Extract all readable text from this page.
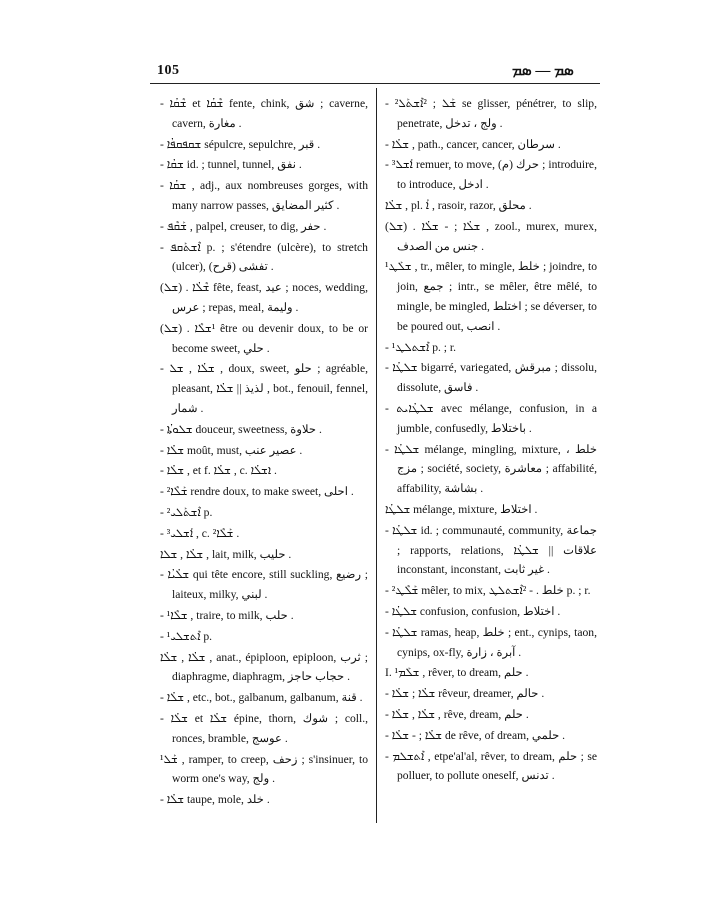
105	ܣܡ — ܣܡ

- ܫܶܩܳܐ et ܫܶܩܳܐ fente, chink, شق ; caverne, cavern, مغارة .

- ܫܩܦܩܦܳܐ sépulcre, sepulchre, قبر .

- ܫܩܳܐ id. ; tunnel, tunnel, نفق .

- ܫܩܳܐ , adj., aux nombreuses gorges, with many narrow passes, كثير المضايق .

- ܫܰܩܶܦ , palpel, creuser, to dig, حفر .

- ܐܶܫܬܰܩܦ p. ; s'étendre (ulcère), to stretch (ulcer), تفشى (قرح) .

(ܫܠ) . ܫܶܠܳܐ fête, feast, عيد ; noces, wedding, عرس ; repas, meal, وليمة .

(ܫܠ) . ¹ܫܠܶܐ être ou devenir doux, to be or become sweet, حلي .

- ܫܠܳܐ , ܫܠ , doux, sweet, حلو ; agréable, pleasant, لذيذ || ܫܠܳܐ , bot., fenouil, fennel, شمار .

- ܫܠܘܬܳܐ douceur, sweetness, حلاوة .

- ܫܠܳܐ moût, must, عصير عنب .

- ܫܠܳܐ , et f. ܫܠܳܐ , c. ܐܫܠܳܐ .

- ²ܫܰܠܶܐ rendre doux, to make sweet, احلى .

- ²ܐܶܫܬܰܠܝ p.

- ³ܐܰܫܠܝ , c. ²ܫܰܠܶܐ .

ܫܠܳܐ , ܫܠܐ , lait, milk, حليب .

- ܫܠܳܝܳܐ qui tête encore, still suckling, رضيع ; laiteux, milky, لبني .

- ¹ܫܠܶܐ , traire, to milk, حلب .

- ¹ܐܶܬܫܠܝ p.

ܫܠܳܐ , ܫܠܳܐ , anat., épiploon, epiploon, ثرب ; diaphragme, diaphragm, حجاب حاجز .

- ܫܠܳܐ , etc., bot., galbanum, galbanum, قنة .

- ܫܠܳܐ et ܫܠܳܐ épine, thorn, شوك ; coll., ronces, bramble, عوسج .

¹ܫܰܠ , ramper, to creep, زحف ; s'insinuer, to worm one's way, ولج .

- ܫܠܳܐ taupe, mole, خلد .

- ²ܫܰܠ ; ²ܐܶܫܬܰܠ se glisser, pénétrer, to slip, penetrate, ولج ، تدخل .

- ܫܠܳܐ , path., cancer, cancer, سرطان .

- ³ܐܰܫܠ remuer, to move, (م) حرك ; introduire, to introduce, ادخل .

ܫܠܳܐ , pl. ܐܳ , rasoir, razor, محلق .

(ܫܠ) . ܫܠܳܐ ; - ܫܠܳܐ , zool., murex, murex, جنس من الصدف .

¹ܫܠܰܛ , tr., mêler, to mingle, خلط ; joindre, to join, جمع ; intr., se mêler, être mêlé, to mingle, be mingled, اختلط ; se déverser, to be poured out, انصب .

- ¹ܐܶܫܬܠܛ p. ; r.

- ܫܠܛܳܐ bigarré, variegated, مبرقش ; dissolu, dissolute, فاسق .

- ܫܠܛܳܐܝܬ avec mélange, confusion, in a jumble, confusedly, باختلاط .

- ܫܠܛܳܐ mélange, mingling, mixture, خلط ، مزج ; société, society, معاشرة ; affabilité, affability, بشاشة .

ܫܠܛܳܐ mélange, mixture, اختلاط .

- ܫܠܛܳܐ id. ; communauté, community, جماعة ; rapports, relations, علاقات || ܫܠܛܳܐ inconstant, inconstant, غير ثابت .

- ²ܫܰܠܶܛ mêler, to mix, خلط . - ²ܐܶܫܬܠܛ p. ; r.

- ܫܠܛܳܐ confusion, confusion, اختلاط .

- ܫܠܛܳܐ ramas, heap, خلط ; ent., cynips, taon, cynips, ox-fly, آبرة ، زارة .

I. ¹ܫܠܰܡ , rêver, to dream, حلم .

- ܫܠܳܐ ; ܫܠܳܐ rêveur, dreamer, حالم .

- ܫܠܳܐ , ܫܠܳܐ , rêve, dream, حلم .

- ܫܠܳܐ ; - ܫܠܳܐ de rêve, of dream, حلمي .

- ܐܶܬܫܠܡ , etpe'al'al, rêver, to dream, حلم ; se polluer, to pollute oneself, تدنس .
